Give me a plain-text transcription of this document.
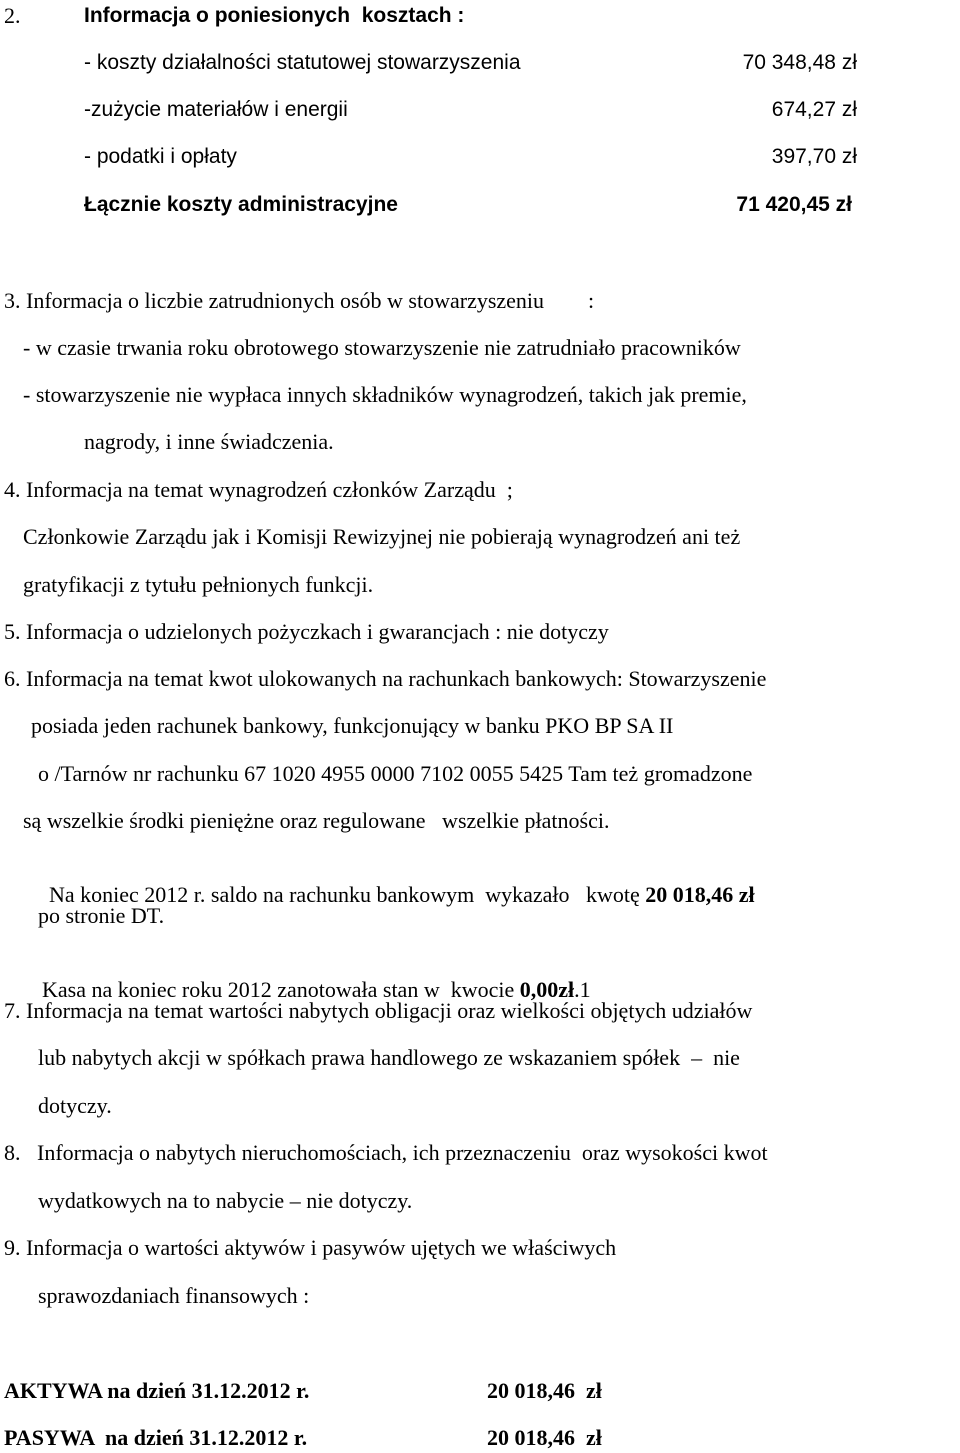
2.	Informacja o poniesionych  kosztach :
- koszty działalności statutowej stowarzyszenia	70 348,48 zł
-zużycie materiałów i energii	674,27 zł
- podatki i opłaty	397,70 zł
Łącznie koszty administracyjne	71 420,45 zł
3. Informacja o liczbie zatrudnionych osób w stowarzyszeniu        :
- w czasie trwania roku obrotowego stowarzyszenie nie zatrudniało pracowników
- stowarzyszenie nie wypłaca innych składników wynagrodzeń, takich jak premie,
nagrody, i inne świadczenia.
4. Informacja na temat wynagrodzeń członków Zarządu  ;
Członkowie Zarządu jak i Komisji Rewizyjnej nie pobierają wynagrodzeń ani też
gratyfikacji z tytułu pełnionych funkcji.
5. Informacja o udzielonych pożyczkach i gwarancjach : nie dotyczy
6. Informacja na temat kwot ulokowanych na rachunkach bankowych: Stowarzyszenie
posiada jeden rachunek bankowy, funkcjonujący w banku PKO BP SA II
o /Tarnów nr rachunku 67 1020 4955 0000 7102 0055 5425 Tam też gromadzone
są wszelkie środki pieniężne oraz regulowane   wszelkie płatności.

Na koniec 2012 r. saldo na rachunku bankowym  wykazało   kwotę 20 018,46 zł

po stronie DT.

Kasa na koniec roku 2012 zanotowała stan w  kwocie 0,00zł.1

7. Informacja na temat wartości nabytych obligacji oraz wielkości objętych udziałów
lub nabytych akcji w spółkach prawa handlowego ze wskazaniem spółek  –  nie
dotyczy.
8.   Informacja o nabytych nieruchomościach, ich przeznaczeniu  oraz wysokości kwot
wydatkowych na to nabycie – nie dotyczy.
9. Informacja o wartości aktywów i pasywów ujętych we właściwych
sprawozdaniach finansowych :
AKTYWA na dzień 31.12.2012 r.	20 018,46  zł
PASYWA  na dzień 31.12.2012 r.	20 018,46  zł
